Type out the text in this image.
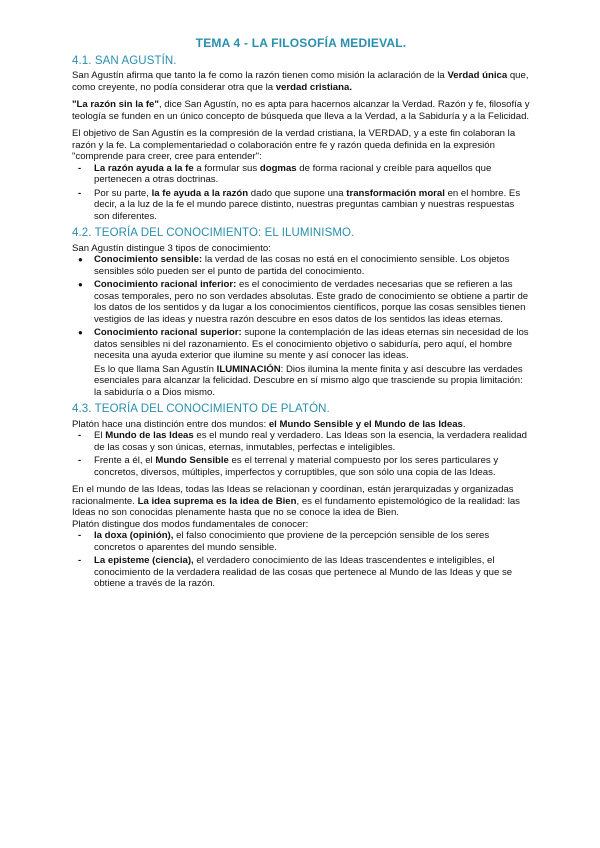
TEMA 4 - LA FILOSOFÍA MEDIEVAL.
4.1. SAN AGUSTÍN.

San Agustín afirma que tanto la fe como la razón tienen como misión la aclaración de la Verdad única que, como creyente, no podía considerar otra que la verdad cristiana.

"La razón sin la fe", dice San Agustín, no es apta para hacernos alcanzar la Verdad. Razón y fe, filosofía y teología se funden en un único concepto de búsqueda que lleva a la Verdad, a la Sabiduría y a la Felicidad.

El objetivo de San Agustín es la compresión de la verdad cristiana, la VERDAD, y a este fin colaboran la razón y la fe. La complementariedad o colaboración entre fe y razón queda definida en la expresión "comprende para creer, cree para entender":

- La razón ayuda a la fe a formular sus dogmas de forma racional y creíble para aquellos que pertenecen a otras doctrinas.
- Por su parte, la fe ayuda a la razón dado que supone una transformación moral en el hombre. Es decir, a la luz de la fe el mundo parece distinto, nuestras preguntas cambian y nuestras respuestas son diferentes.
4.2. TEORÍA DEL CONOCIMIENTO: EL ILUMINISMO.

San Agustín distingue 3 tipos de conocimiento:

● Conocimiento sensible: la verdad de las cosas no está en el conocimiento sensible. Los objetos sensibles sólo pueden ser el punto de partida del conocimiento.
● Conocimiento racional inferior: es el conocimiento de verdades necesarias que se refieren a las cosas temporales, pero no son verdades absolutas. Este grado de conocimiento se obtiene a partir de los datos de los sentidos y da lugar a los conocimientos científicos, porque las cosas sensibles tienen vestigios de las ideas y nuestra razón descubre en esos datos de los sentidos las ideas eternas.
● Conocimiento racional superior: supone la contemplación de las ideas eternas sin necesidad de los datos sensibles ni del razonamiento. Es el conocimiento objetivo o sabiduría, pero aquí, el hombre necesita una ayuda exterior que ilumine su mente y así conocer las ideas.
Es lo que llama San Agustín ILUMINACIÓN: Dios ilumina la mente finita y así descubre las verdades esenciales para alcanzar la felicidad. Descubre en sí mismo algo que trasciende su propia limitación: la sabiduría o a Dios mismo.
4.3. TEORÍA DEL CONOCIMIENTO DE PLATÓN.

Platón hace una distinción entre dos mundos: el Mundo Sensible y el Mundo de las Ideas.

- El Mundo de las Ideas es el mundo real y verdadero. Las Ideas son la esencia, la verdadera realidad de las cosas y son únicas, eternas, inmutables, perfectas e inteligibles.
- Frente a él, el Mundo Sensible es el terrenal y material compuesto por los seres particulares y concretos, diversos, múltiples, imperfectos y corruptibles, que son sólo una copia de las Ideas.

En el mundo de las Ideas, todas las Ideas se relacionan y coordinan, están jerarquizadas y organizadas racionalmente. La idea suprema es la idea de Bien, es el fundamento epistemológico de la realidad: las Ideas no son conocidas plenamente hasta que no se conoce la idea de Bien.

Platón distingue dos modos fundamentales de conocer:

- la doxa (opinión), el falso conocimiento que proviene de la percepción sensible de los seres concretos o aparentes del mundo sensible.
- La episteme (ciencia), el verdadero conocimiento de las Ideas trascendentes e inteligibles, el conocimiento de la verdadera realidad de las cosas que pertenece al Mundo de las Ideas y que se obtiene a través de la razón.
